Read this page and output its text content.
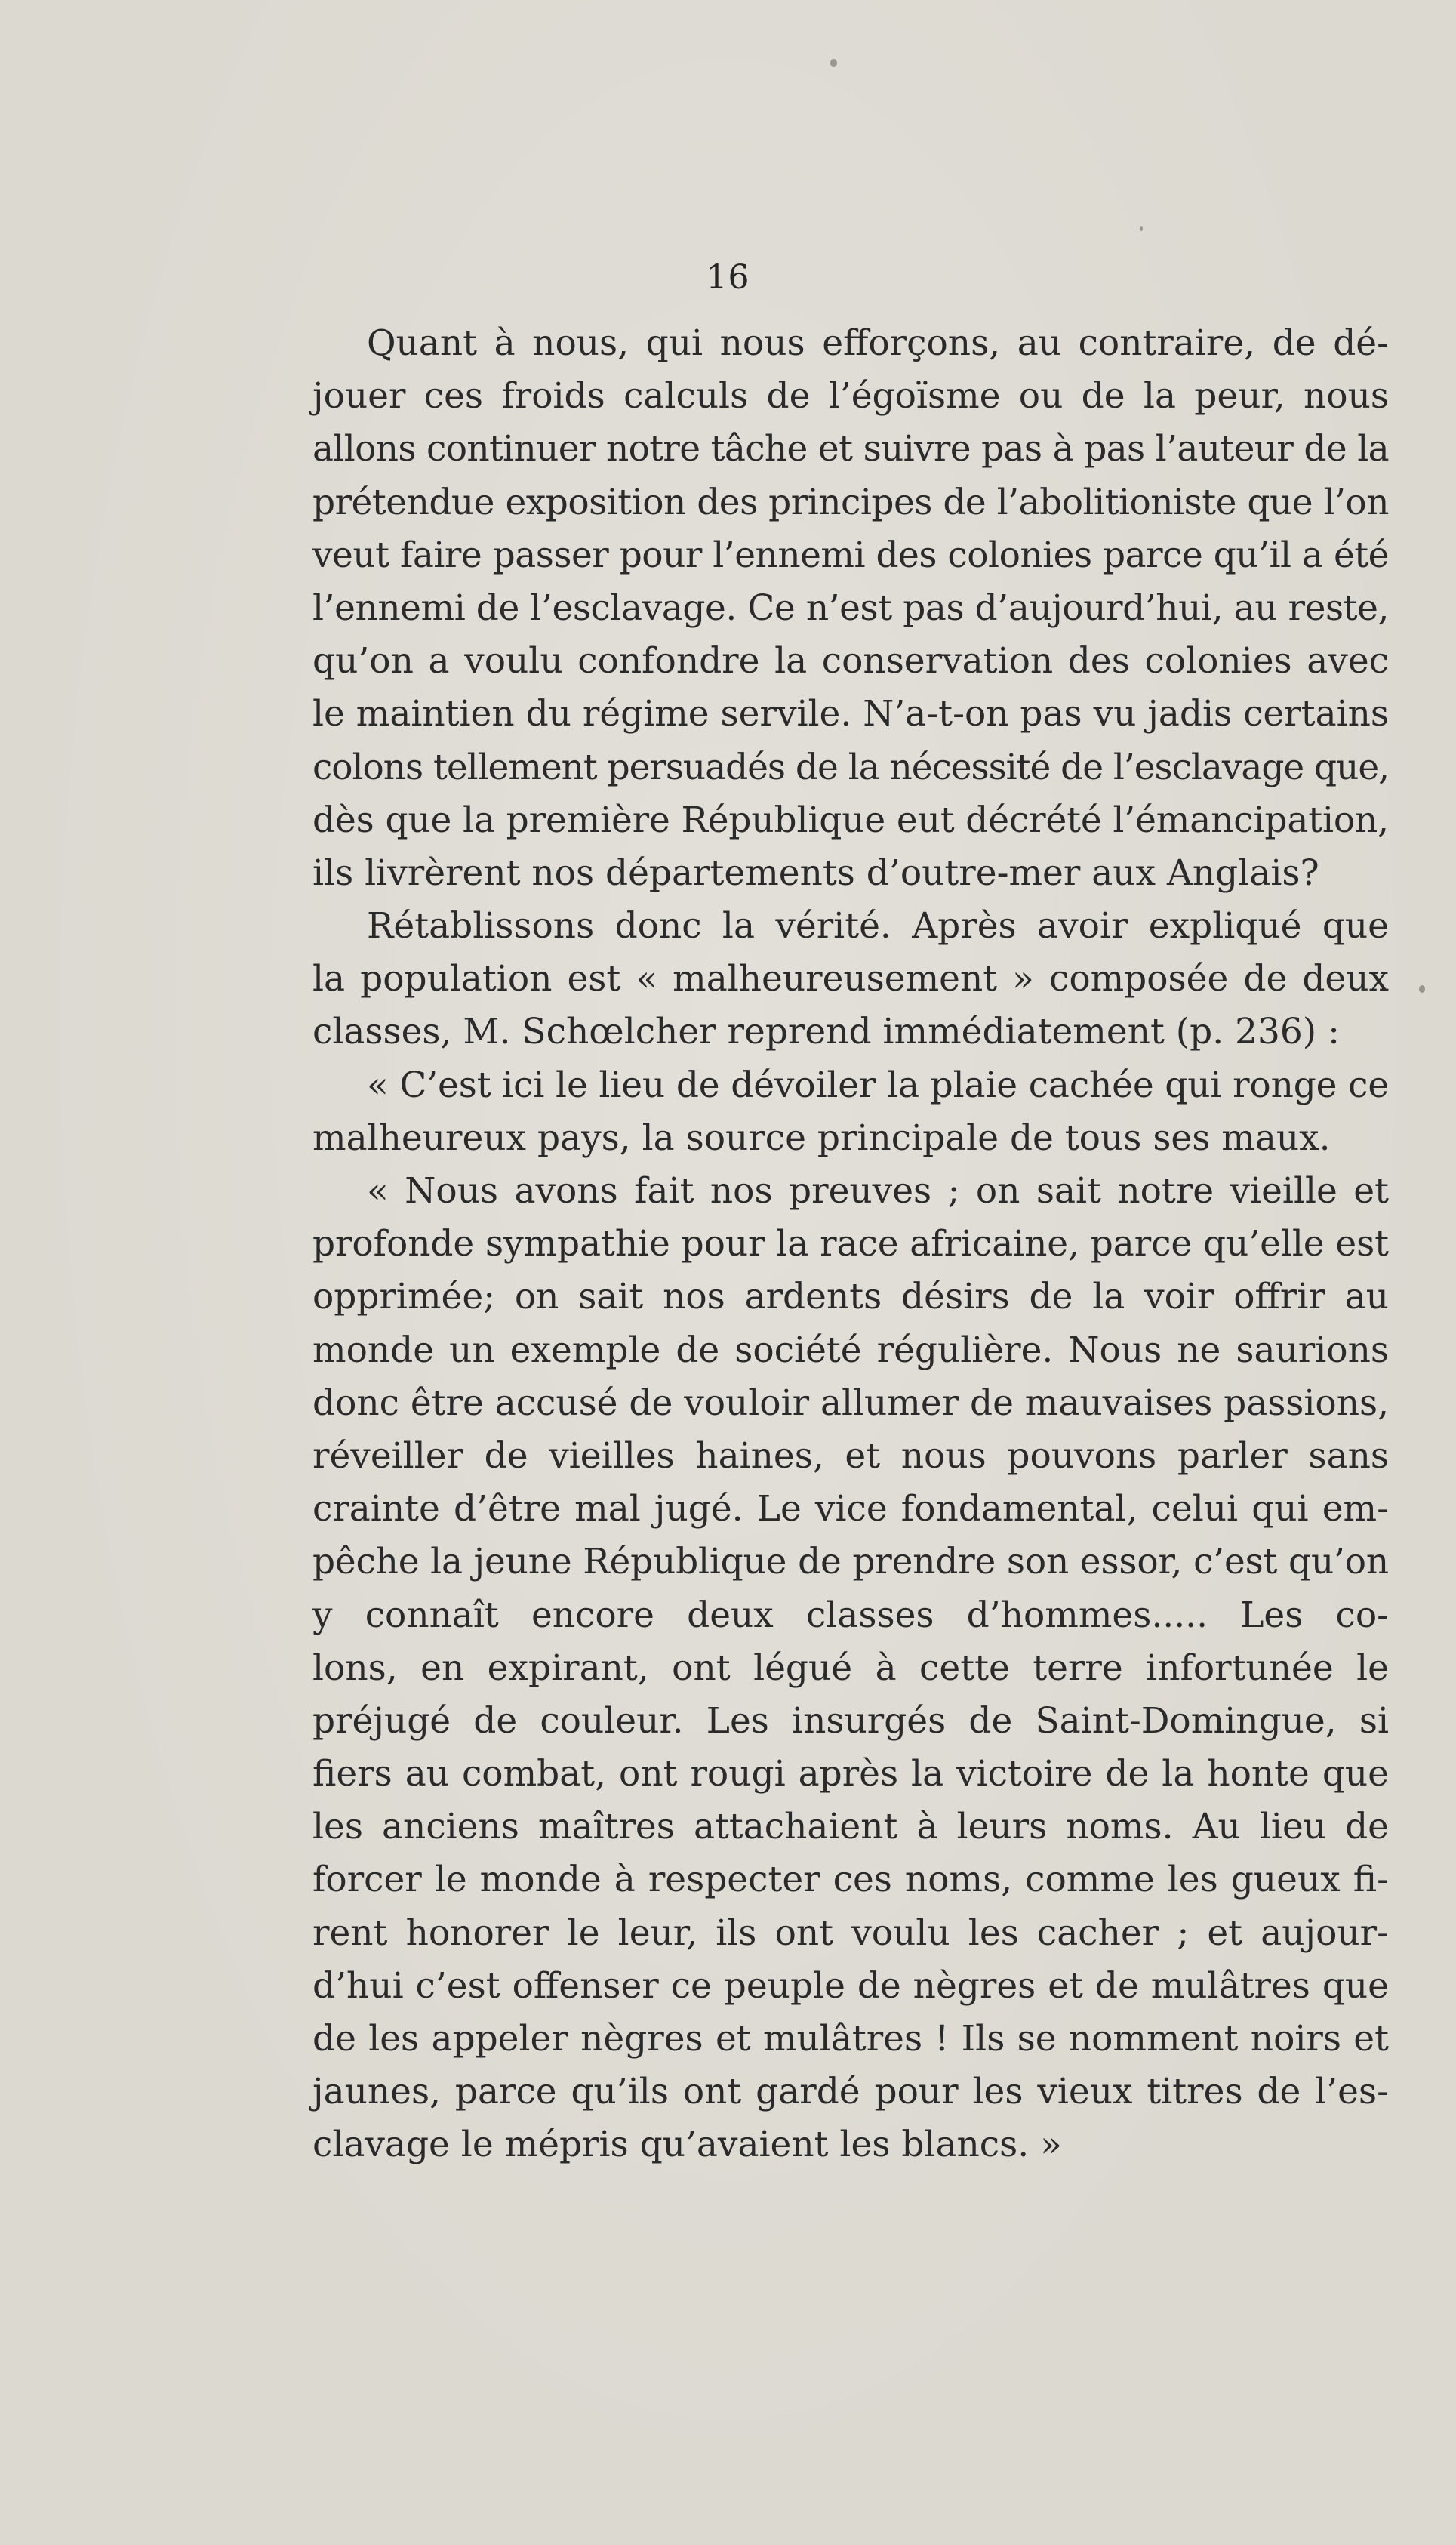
16
Quant à nous, qui nous efforçons, au contraire, de dé-
jouer ces froids calculs de l’égoïsme ou de la peur, nous
allons continuer notre tâche et suivre pas à pas l’auteur de la
prétendue exposition des principes de l’abolitioniste que l’on
veut faire passer pour l’ennemi des colonies parce qu’il a été
l’ennemi de l’esclavage. Ce n’est pas d’aujourd’hui, au reste,
qu’on a voulu confondre la conservation des colonies avec
le maintien du régime servile. N’a-t-on pas vu jadis certains
colons tellement persuadés de la nécessité de l’esclavage que,
dès que la première République eut décrété l’émancipation,
ils livrèrent nos départements d’outre-mer aux Anglais?
Rétablissons donc la vérité. Après avoir expliqué que
la population est « malheureusement » composée de deux
classes, M. Schœlcher reprend immédiatement (p. 236) :
« C’est ici le lieu de dévoiler la plaie cachée qui ronge ce
malheureux pays, la source principale de tous ses maux.
« Nous avons fait nos preuves ; on sait notre vieille et
profonde sympathie pour la race africaine, parce qu’elle est
opprimée; on sait nos ardents désirs de la voir offrir au
monde un exemple de société régulière. Nous ne saurions
donc être accusé de vouloir allumer de mauvaises passions,
réveiller de vieilles haines, et nous pouvons parler sans
crainte d’être mal jugé. Le vice fondamental, celui qui em-
pêche la jeune République de prendre son essor, c’est qu’on
y connaît encore deux classes d’hommes..... Les co-
lons, en expirant, ont légué à cette terre infortunée le
préjugé de couleur. Les insurgés de Saint-Domingue, si
fiers au combat, ont rougi après la victoire de la honte que
les anciens maîtres attachaient à leurs noms. Au lieu de
forcer le monde à respecter ces noms, comme les gueux fi-
rent honorer le leur, ils ont voulu les cacher ; et aujour-
d’hui c’est offenser ce peuple de nègres et de mulâtres que
de les appeler nègres et mulâtres ! Ils se nomment noirs et
jaunes, parce qu’ils ont gardé pour les vieux titres de l’es-
clavage le mépris qu’avaient les blancs. »
